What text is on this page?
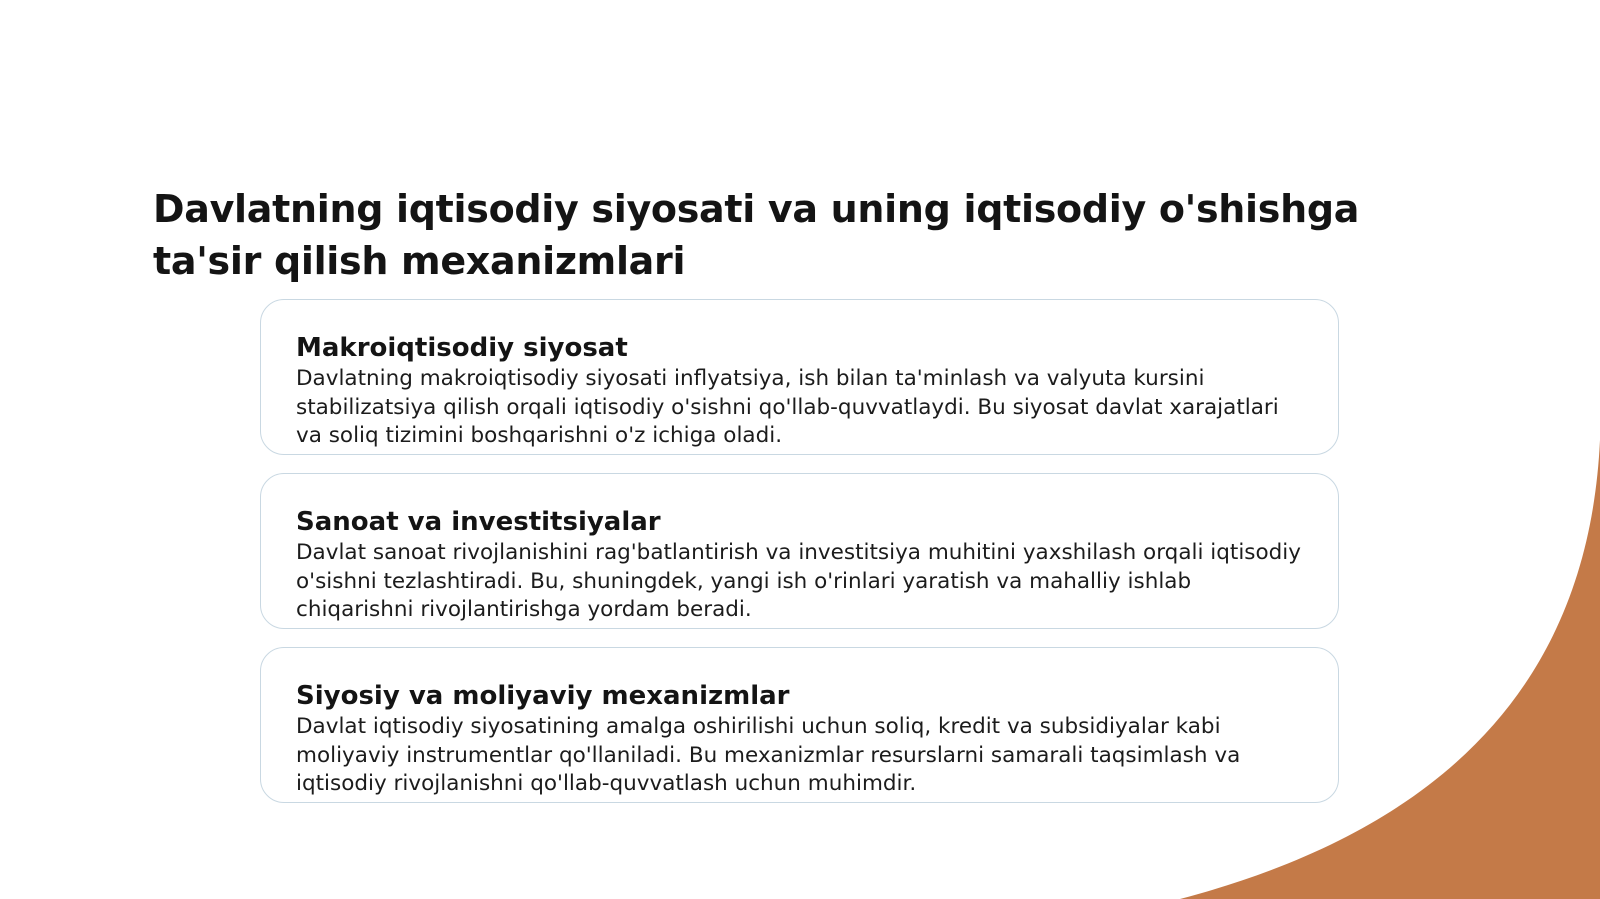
Davlatning iqtisodiy siyosati va uning iqtisodiy o'shishga ta'sir qilish mexanizmlari
Makroiqtisodiy siyosat

Davlatning makroiqtisodiy siyosati inflyatsiya, ish bilan ta'minlash va valyuta kursini stabilizatsiya qilish orqali iqtisodiy o'sishni qo'llab-quvvatlaydi. Bu siyosat davlat xarajatlari va soliq tizimini boshqarishni o'z ichiga oladi.

Sanoat va investitsiyalar

Davlat sanoat rivojlanishini rag'batlantirish va investitsiya muhitini yaxshilash orqali iqtisodiy o'sishni tezlashtiradi. Bu, shuningdek, yangi ish o'rinlari yaratish va mahalliy ishlab chiqarishni rivojlantirishga yordam beradi.

Siyosiy va moliyaviy mexanizmlar

Davlat iqtisodiy siyosatining amalga oshirilishi uchun soliq, kredit va subsidiyalar kabi moliyaviy instrumentlar qo'llaniladi. Bu mexanizmlar resurslarni samarali taqsimlash va iqtisodiy rivojlanishni qo'llab-quvvatlash uchun muhimdir.
